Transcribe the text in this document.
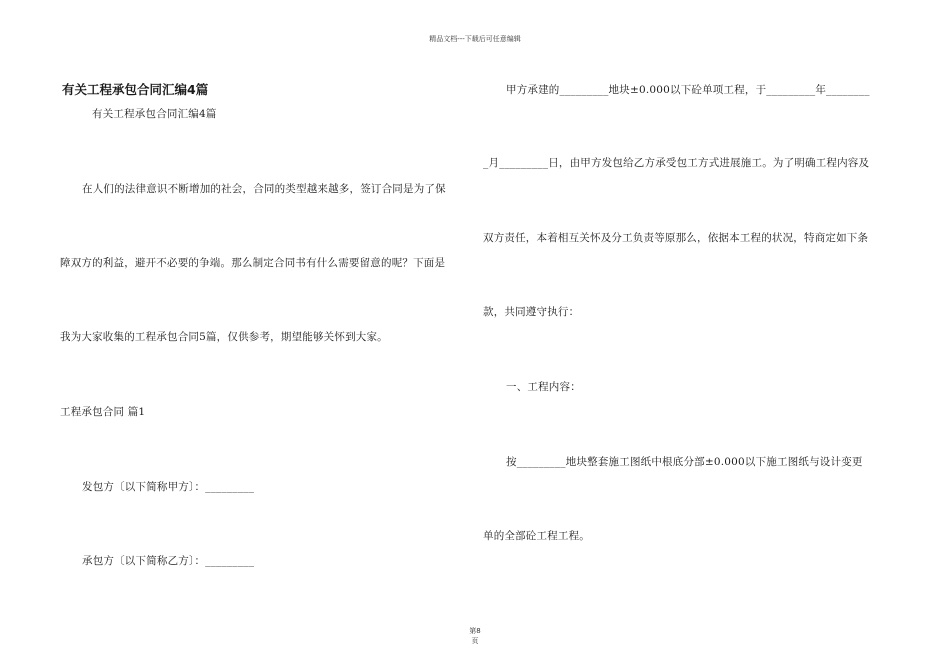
精品文档---下载后可任意编辑
有关工程承包合同汇编4篇
有关工程承包合同汇编4篇
在人们的法律意识不断增加的社会，合同的类型越来越多，签订合同是为了保
障双方的利益，避开不必要的争端。那么制定合同书有什么需要留意的呢？下面是
我为大家收集的工程承包合同5篇，仅供参考，期望能够关怀到大家。
工程承包合同 篇1
发包方〔以下简称甲方〕：_________
承包方〔以下简称乙方〕：_________
甲方承建的_________地块±0.000以下砼单项工程，于_________年________
_月_________日，由甲方发包给乙方承受包工方式进展施工。为了明确工程内容及
双方责任，本着相互关怀及分工负责等原那么，依据本工程的状况，特商定如下条
款，共同遵守执行：
一、工程内容：
按_________地块整套施工图纸中根底分部±0.000以下施工图纸与设计变更
单的全部砼工程工程。
第8
页
